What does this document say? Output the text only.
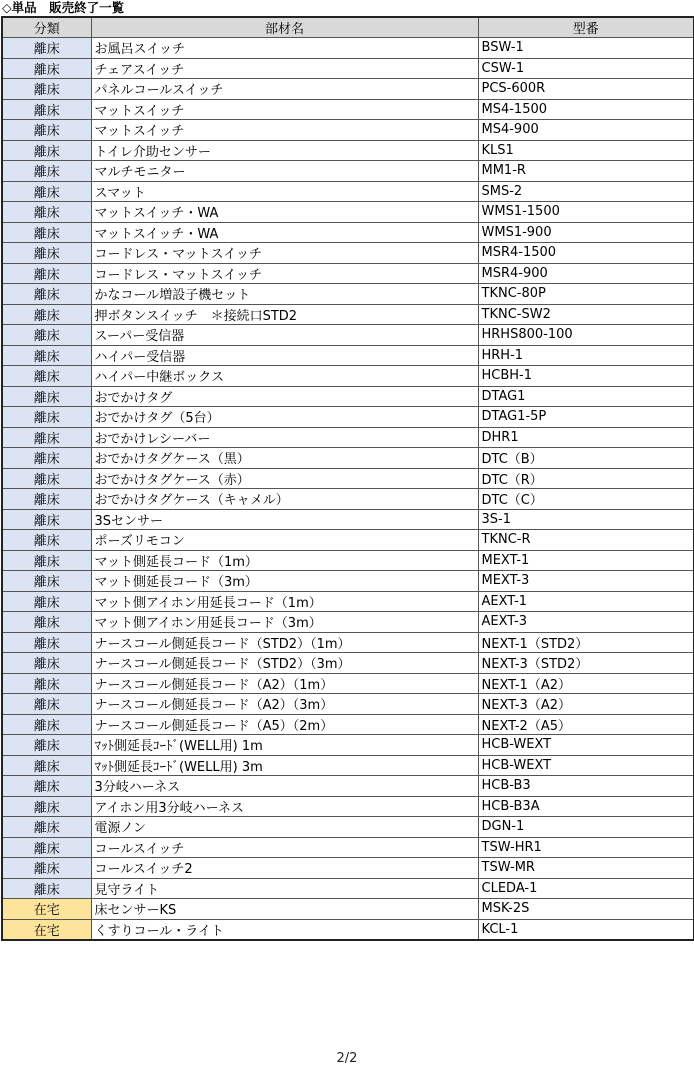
◇単品　販売終了一覧
分類	部材名	型番
離床	お風呂スイッチ	BSW-1
離床	チェアスイッチ	CSW-1
離床	パネルコールスイッチ	PCS-600R
離床	マットスイッチ	MS4-1500
離床	マットスイッチ	MS4-900
離床	トイレ介助センサー	KLS1
離床	マルチモニター	MM1-R
離床	スマット	SMS-2
離床	マットスイッチ・WA	WMS1-1500
離床	マットスイッチ・WA	WMS1-900
離床	コードレス・マットスイッチ	MSR4-1500
離床	コードレス・マットスイッチ	MSR4-900
離床	かなコール増設子機セット	TKNC-80P
離床	押ボタンスイッチ　＊接続口STD2	TKNC-SW2
離床	スーパー受信器	HRHS800-100
離床	ハイパー受信器	HRH-1
離床	ハイパー中継ボックス	HCBH-1
離床	おでかけタグ	DTAG1
離床	おでかけタグ（5台）	DTAG1-5P
離床	おでかけレシーバー	DHR1
離床	おでかけタグケース（黒）	DTC（B）
離床	おでかけタグケース（赤）	DTC（R）
離床	おでかけタグケース（キャメル）	DTC（C）
離床	3Sセンサー	3S-1
離床	ポーズリモコン	TKNC-R
離床	マット側延長コード（1m）	MEXT-1
離床	マット側延長コード（3m）	MEXT-3
離床	マット側アイホン用延長コード（1m）	AEXT-1
離床	マット側アイホン用延長コード（3m）	AEXT-3
離床	ナースコール側延長コード（STD2）（1m）	NEXT-1（STD2）
離床	ナースコール側延長コード（STD2）（3m）	NEXT-3（STD2）
離床	ナースコール側延長コード（A2）（1m）	NEXT-1（A2）
離床	ナースコール側延長コード（A2）（3m）	NEXT-3（A2）
離床	ナースコール側延長コード（A5）（2m）	NEXT-2（A5）
離床	ﾏｯﾄ側延長ｺｰﾄﾞ(WELL用) 1m	HCB-WEXT
離床	ﾏｯﾄ側延長ｺｰﾄﾞ(WELL用) 3m	HCB-WEXT
離床	3分岐ハーネス	HCB-B3
離床	アイホン用3分岐ハーネス	HCB-B3A
離床	電源ノン	DGN-1
離床	コールスイッチ	TSW-HR1
離床	コールスイッチ2	TSW-MR
離床	見守ライト	CLEDA-1
在宅	床センサーKS	MSK-2S
在宅	くすりコール・ライト	KCL-1
2/2
